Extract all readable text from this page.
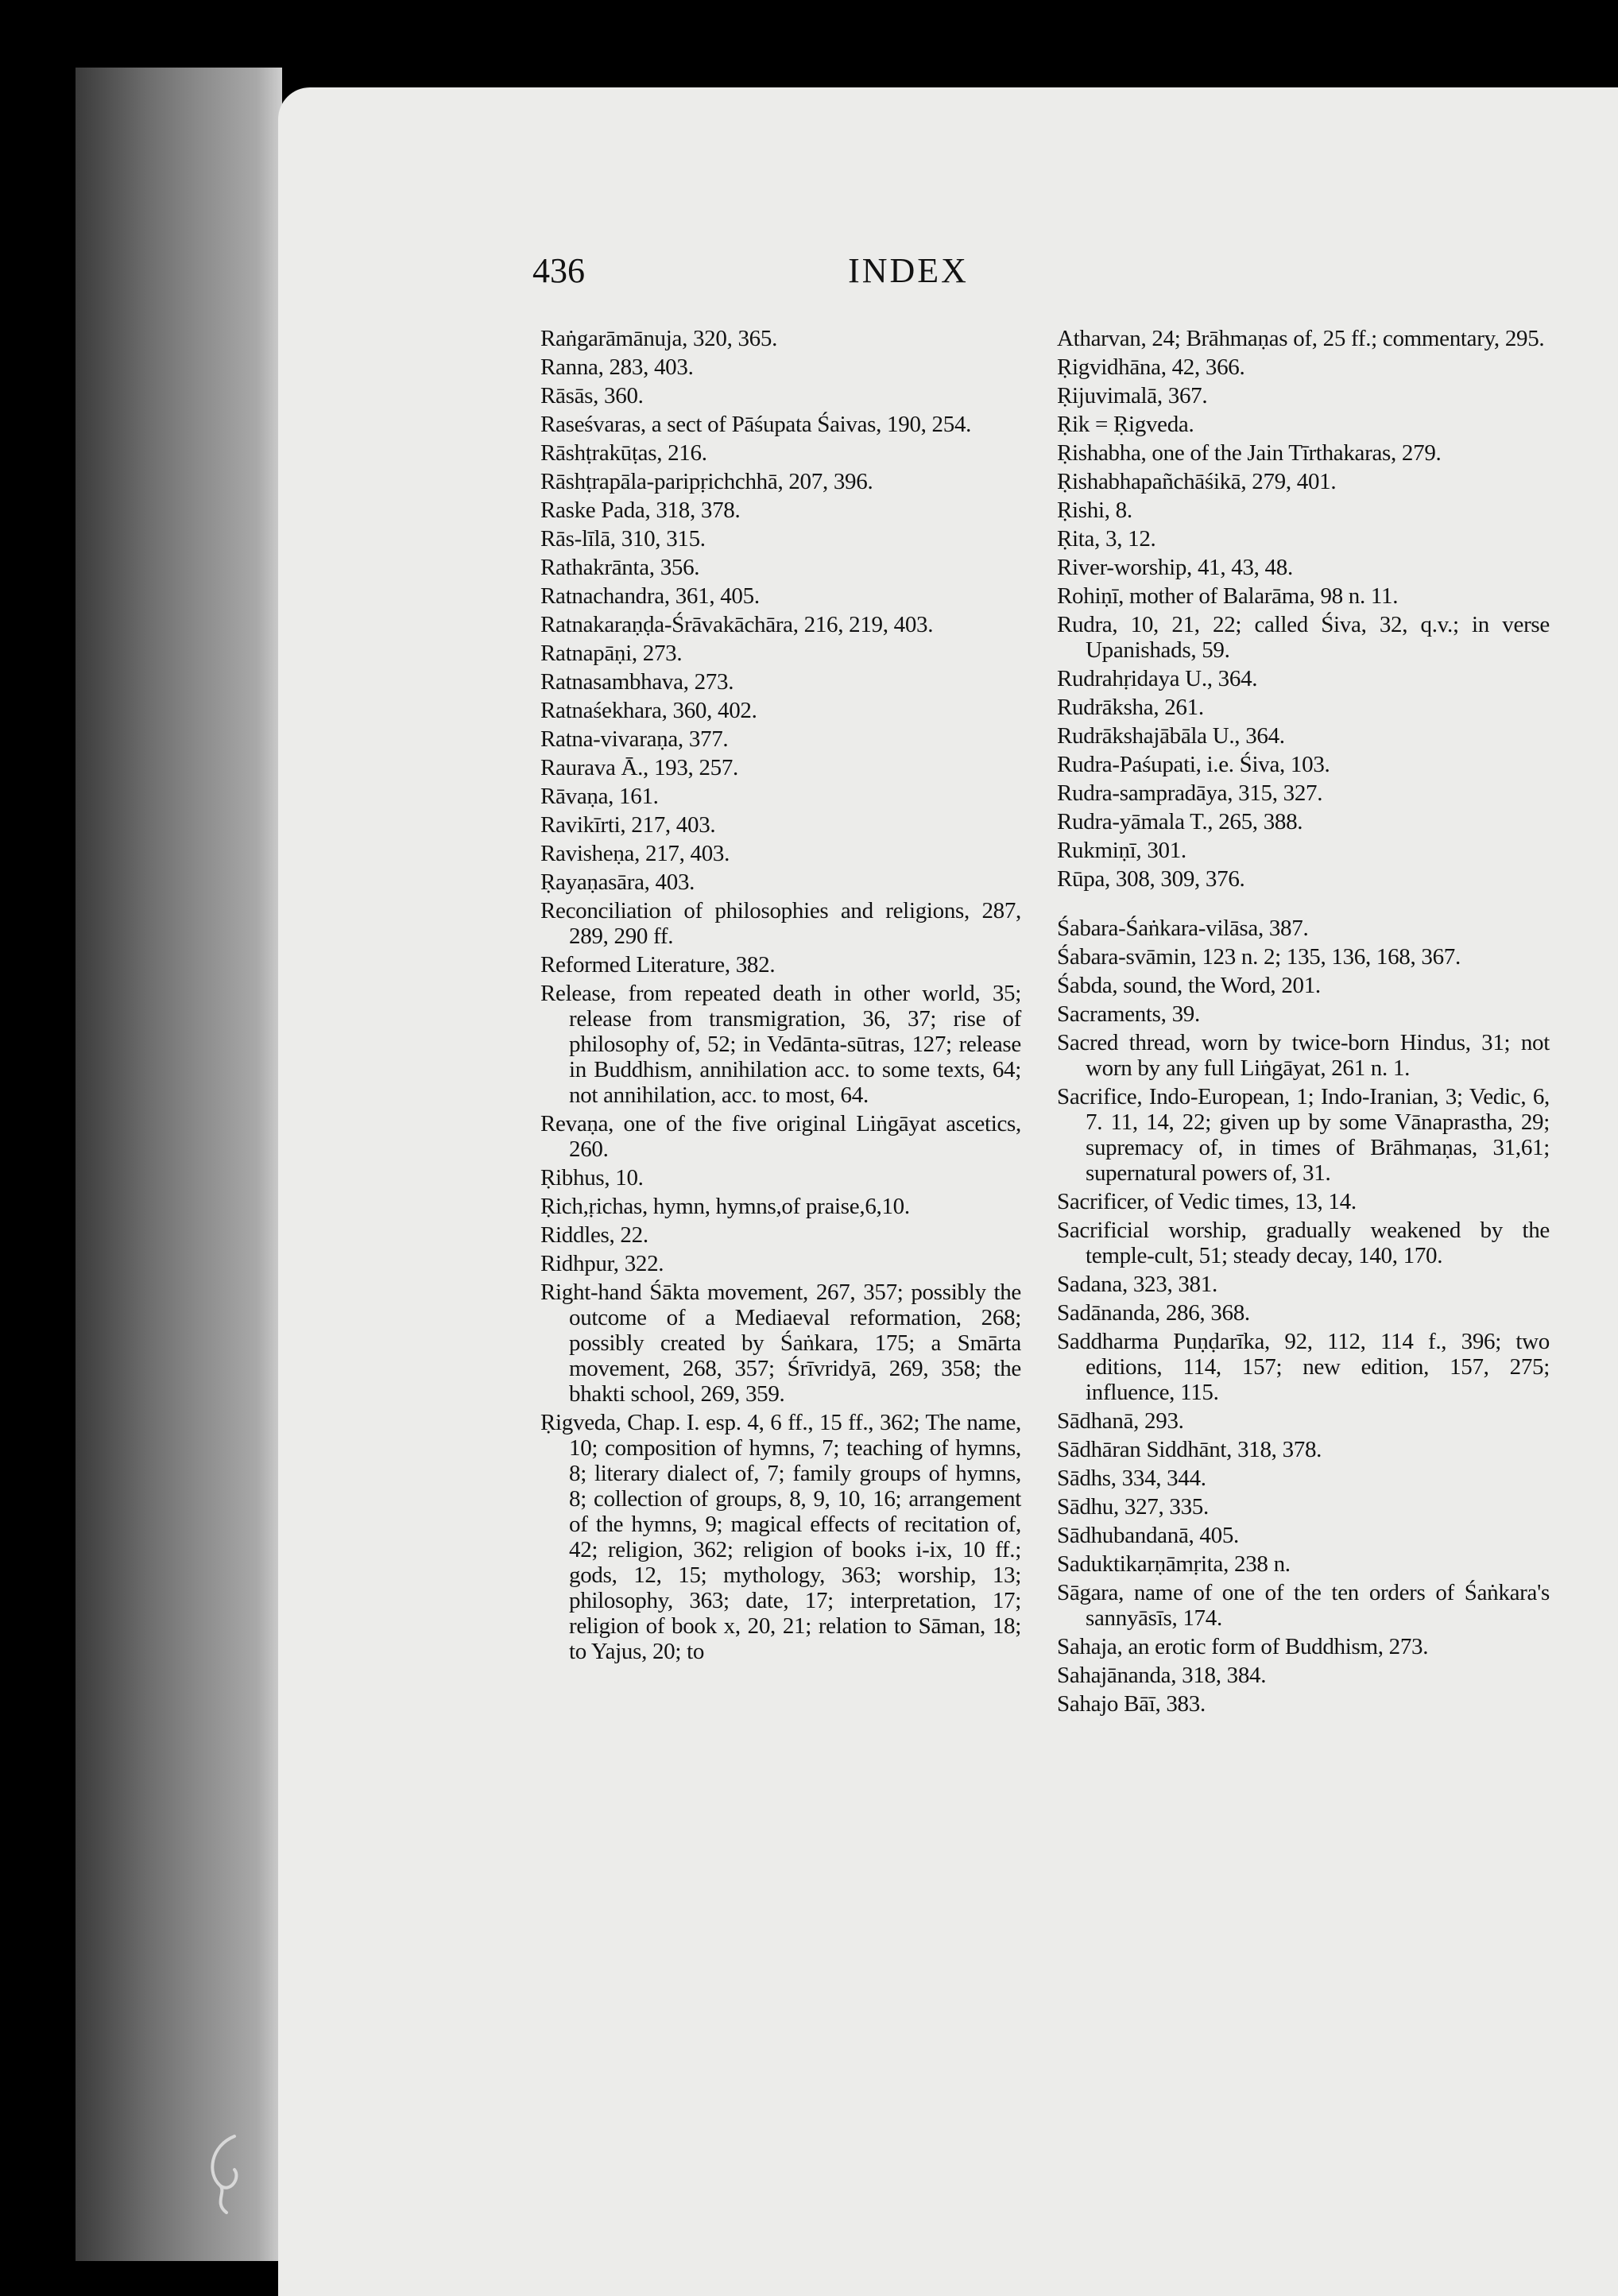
436	INDEX

Raṅgarāmānuja, 320, 365.

Ranna, 283, 403.

Rāsās, 360.

Raseśvaras, a sect of Pāśupata Śaivas, 190, 254.

Rāshṭrakūṭas, 216.

Rāshṭrapāla-paripṛichchhā, 207, 396.

Raske Pada, 318, 378.

Rās-līlā, 310, 315.

Rathakrānta, 356.

Ratnachandra, 361, 405.

Ratnakaraṇḍa-Śrāvakāchāra, 216, 219, 403.

Ratnapāṇi, 273.

Ratnasambhava, 273.

Ratnaśekhara, 360, 402.

Ratna-vivaraṇa, 377.

Raurava Ā., 193, 257.

Rāvaṇa, 161.

Ravikīrti, 217, 403.

Ravisheṇa, 217, 403.

Ṛayaṇasāra, 403.

Reconciliation of philosophies and religions, 287, 289, 290 ff.

Reformed Literature, 382.

Release, from repeated death in other world, 35; release from transmigration, 36, 37; rise of philosophy of, 52; in Vedānta-sūtras, 127; release in Buddhism, annihilation acc. to some texts, 64; not annihilation, acc. to most, 64.

Revaṇa, one of the five original Liṅgāyat ascetics, 260.

Ṛibhus, 10.

Ṛich,ṛichas, hymn, hymns,of praise,6,10.

Riddles, 22.

Ridhpur, 322.

Right-hand Śākta movement, 267, 357; possibly the outcome of a Mediaeval reformation, 268; possibly created by Śaṅkara, 175; a Smārta movement, 268, 357; Śrīvridyā, 269, 358; the bhakti school, 269, 359.

Ṛigveda, Chap. I. esp. 4, 6 ff., 15 ff., 362; The name, 10; composition of hymns, 7; teaching of hymns, 8; literary dialect of, 7; family groups of hymns, 8; collection of groups, 8, 9, 10, 16; arrangement of the hymns, 9; magical effects of recitation of, 42; religion, 362; religion of books i-ix, 10 ff.; gods, 12, 15; mythology, 363; worship, 13; philosophy, 363; date, 17; interpretation, 17; religion of book x, 20, 21; relation to Sāman, 18; to Yajus, 20; to

Atharvan, 24; Brāhmaṇas of, 25 ff.; commentary, 295.

Ṛigvidhāna, 42, 366.

Ṛijuvimalā, 367.

Ṛik = Ṛigveda.

Ṛishabha, one of the Jain Tīrthakaras, 279.

Ṛishabhapañchāśikā, 279, 401.

Ṛishi, 8.

Ṛita, 3, 12.

River-worship, 41, 43, 48.

Rohiṇī, mother of Balarāma, 98 n. 11.

Rudra, 10, 21, 22; called Śiva, 32, q.v.; in verse Upanishads, 59.

Rudrahṛidaya U., 364.

Rudrāksha, 261.

Rudrākshajābāla U., 364.

Rudra-Paśupati, i.e. Śiva, 103.

Rudra-sampradāya, 315, 327.

Rudra-yāmala T., 265, 388.

Rukmiṇī, 301.

Rūpa, 308, 309, 376.

Śabara-Śaṅkara-vilāsa, 387.

Śabara-svāmin, 123 n. 2; 135, 136, 168, 367.

Śabda, sound, the Word, 201.

Sacraments, 39.

Sacred thread, worn by twice-born Hindus, 31; not worn by any full Liṅgāyat, 261 n. 1.

Sacrifice, Indo-European, 1; Indo-Iranian, 3; Vedic, 6, 7. 11, 14, 22; given up by some Vānaprastha, 29; supremacy of, in times of Brāhmaṇas, 31,61; supernatural powers of, 31.

Sacrificer, of Vedic times, 13, 14.

Sacrificial worship, gradually weakened by the temple-cult, 51; steady decay, 140, 170.

Sadana, 323, 381.

Sadānanda, 286, 368.

Saddharma Puṇḍarīka, 92, 112, 114 f., 396; two editions, 114, 157; new edition, 157, 275; influence, 115.

Sādhanā, 293.

Sādhāran Siddhānt, 318, 378.

Sādhs, 334, 344.

Sādhu, 327, 335.

Sādhubandanā, 405.

Saduktikarṇāmṛita, 238 n.

Sāgara, name of one of the ten orders of Śaṅkara's sannyāsīs, 174.

Sahaja, an erotic form of Buddhism, 273.

Sahajānanda, 318, 384.

Sahajo Bāī, 383.
